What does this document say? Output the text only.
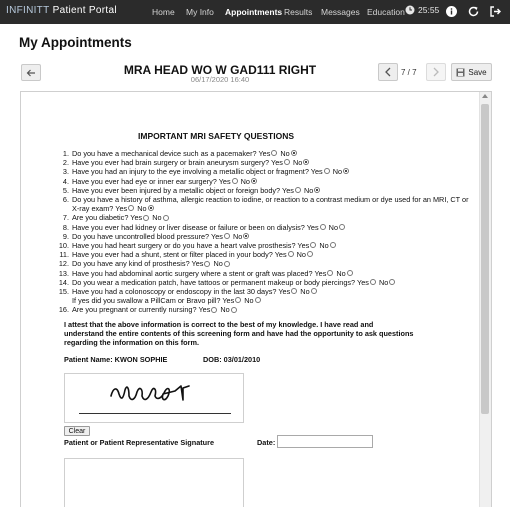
INFINITT Patient Portal	Home My Info Appointments Results Messages Education 25:55
My Appointments
MRA HEAD WO W GAD111 RIGHT
06/17/2020 16:40
7 / 7	Save
IMPORTANT MRI SAFETY QUESTIONS
1. Do you have a mechanical device such as a pacemaker? Yes No
2. Have you ever had brain surgery or brain aneurysm surgery? Yes No
3. Have you had an injury to the eye involving a metallic object or fragment? Yes No
4. Have you ever had eye or inner ear surgery? Yes No
5. Have you ever been injured by a metallic object or foreign body? Yes No
6. Do you have a history of asthma, allergic reaction to iodine, or reaction to a contrast medium or dye used for an MRI, CT or X-ray exam? Yes No
7. Are you diabetic? Yes No
8. Have you ever had kidney or liver disease or failure or been on dialysis? Yes No
9. Do you have uncontrolled blood pressure? Yes No
10. Have you had heart surgery or do you have a heart valve prosthesis? Yes No
11. Have you ever had a shunt, stent or filter placed in your body? Yes No
12. Do you have any kind of prosthesis? Yes No
13. Have you had abdominal aortic surgery where a stent or graft was placed? Yes No
14. Do you wear a medication patch, have tattoos or permanent makeup or body piercings? Yes No
15. Have you had a colonoscopy or endoscopy in the last 30 days? Yes No
If yes did you swallow a PillCam or Bravo pill? Yes No
16. Are you pregnant or currently nursing? Yes No
I attest that the above information is correct to the best of my knowledge. I have read and understand the entire contents of this screening form and have had the opportunity to ask questions regarding the information on this form.
Patient Name: KWON SOPHIE	DOB: 03/01/2010
Clear
Patient or Patient Representative Signature	Date:
